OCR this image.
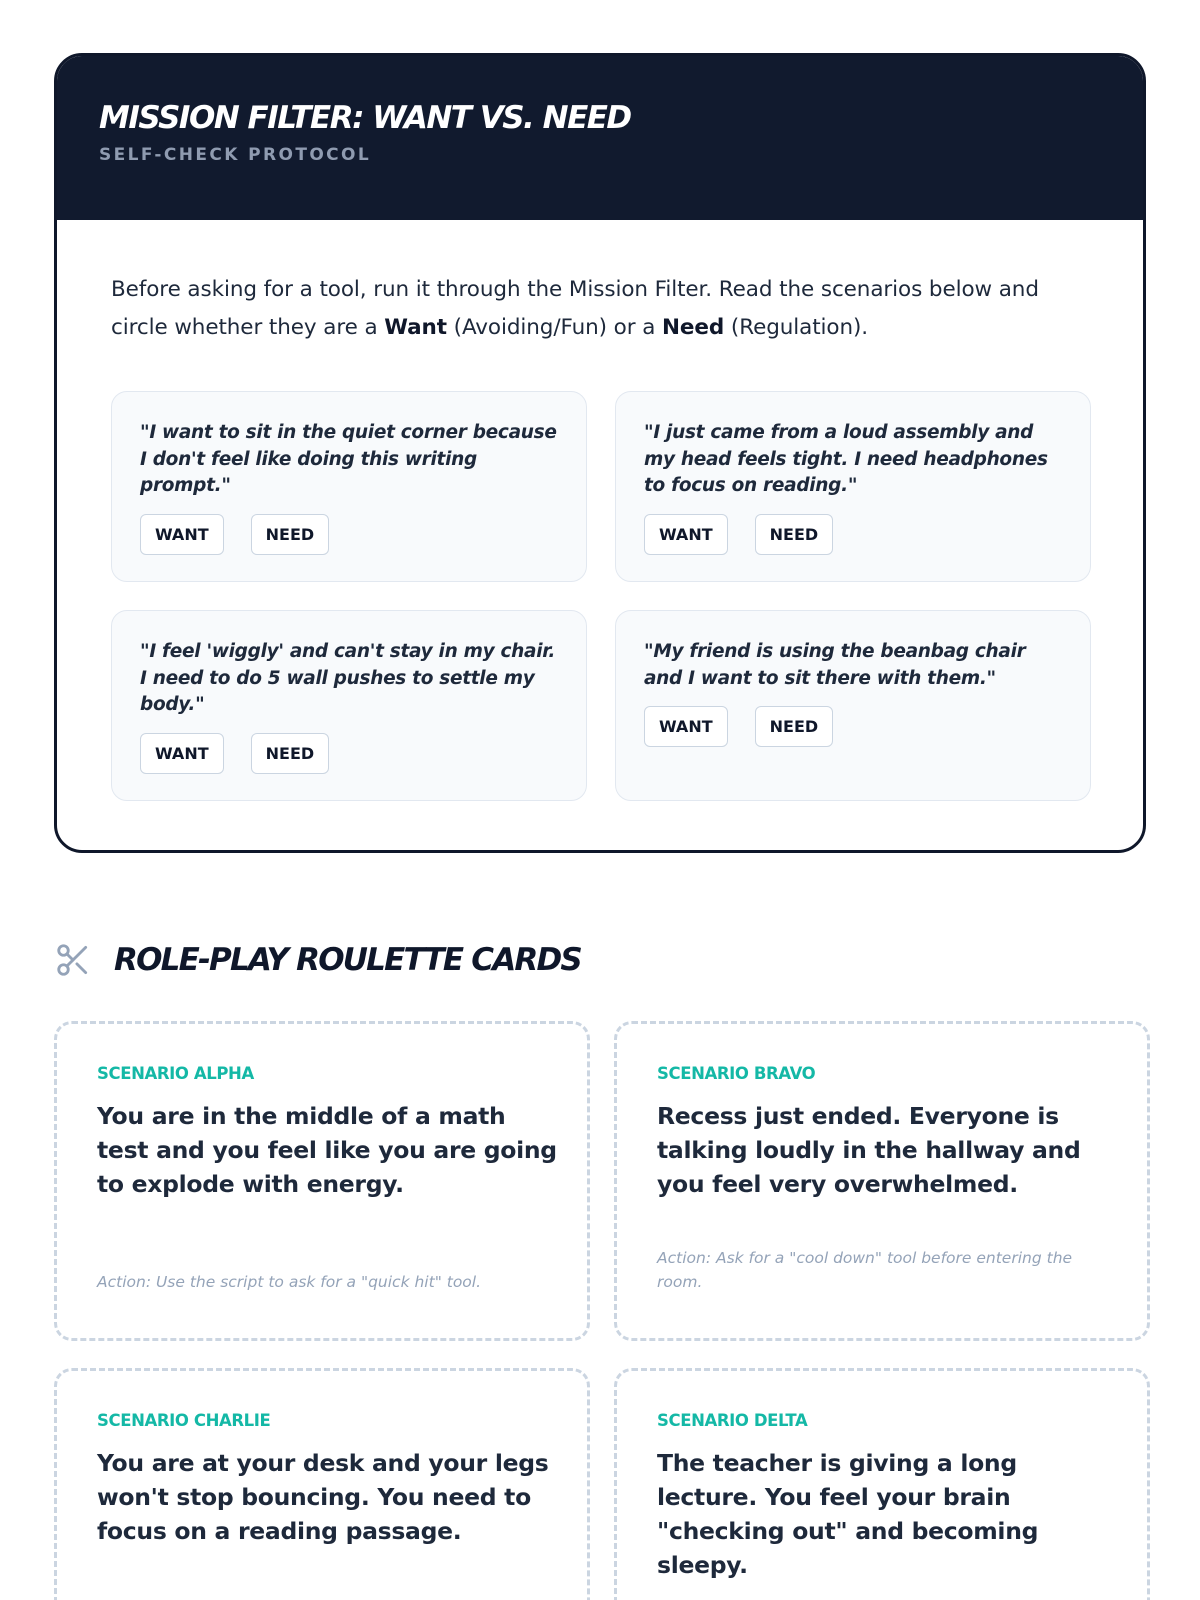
MISSION FILTER: WANT VS. NEED
SELF-CHECK PROTOCOL

Before asking for a tool, run it through the Mission Filter. Read the scenarios below and circle whether they are a Want (Avoiding/Fun) or a Need (Regulation).

"I want to sit in the quiet corner because I don't feel like doing this writing prompt."
WANT	NEED
"I just came from a loud assembly and my head feels tight. I need headphones to focus on reading."
WANT	NEED
"I feel 'wiggly' and can't stay in my chair. I need to do 5 wall pushes to settle my body."
WANT	NEED
"My friend is using the beanbag chair and I want to sit there with them."
WANT	NEED
ROLE-PLAY ROULETTE CARDS
SCENARIO ALPHA
You are in the middle of a math test and you feel like you are going to explode with energy.
Action: Use the script to ask for a "quick hit" tool.
SCENARIO BRAVO
Recess just ended. Everyone is talking loudly in the hallway and you feel very overwhelmed.
Action: Ask for a "cool down" tool before entering the room.
SCENARIO CHARLIE
You are at your desk and your legs won't stop bouncing. You need to focus on a reading passage.
SCENARIO DELTA
The teacher is giving a long lecture. You feel your brain "checking out" and becoming sleepy.
